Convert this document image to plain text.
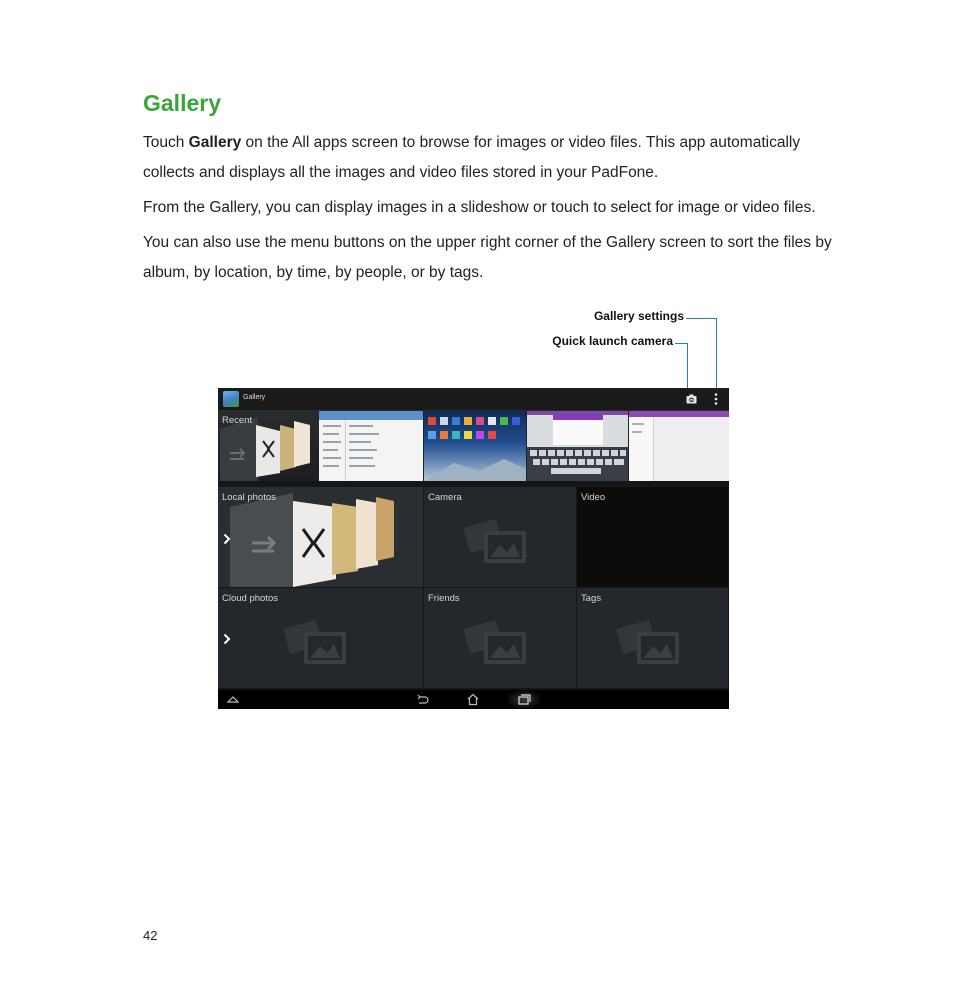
Gallery

Touch Gallery on the All apps screen to browse for images or video files. This app automatically collects and displays all the images and video files stored in your PadFone.

From the Gallery, you can display images in a slideshow or touch to select for image or video files.

You can also use the menu buttons on the upper right corner of the Gallery screen to sort the files by album, by location, by time, by people, or by tags.

Gallery settings
Quick launch camera
Gallery
Recent
Local photos	Camera	Video
Cloud photos	Friends	Tags
42
